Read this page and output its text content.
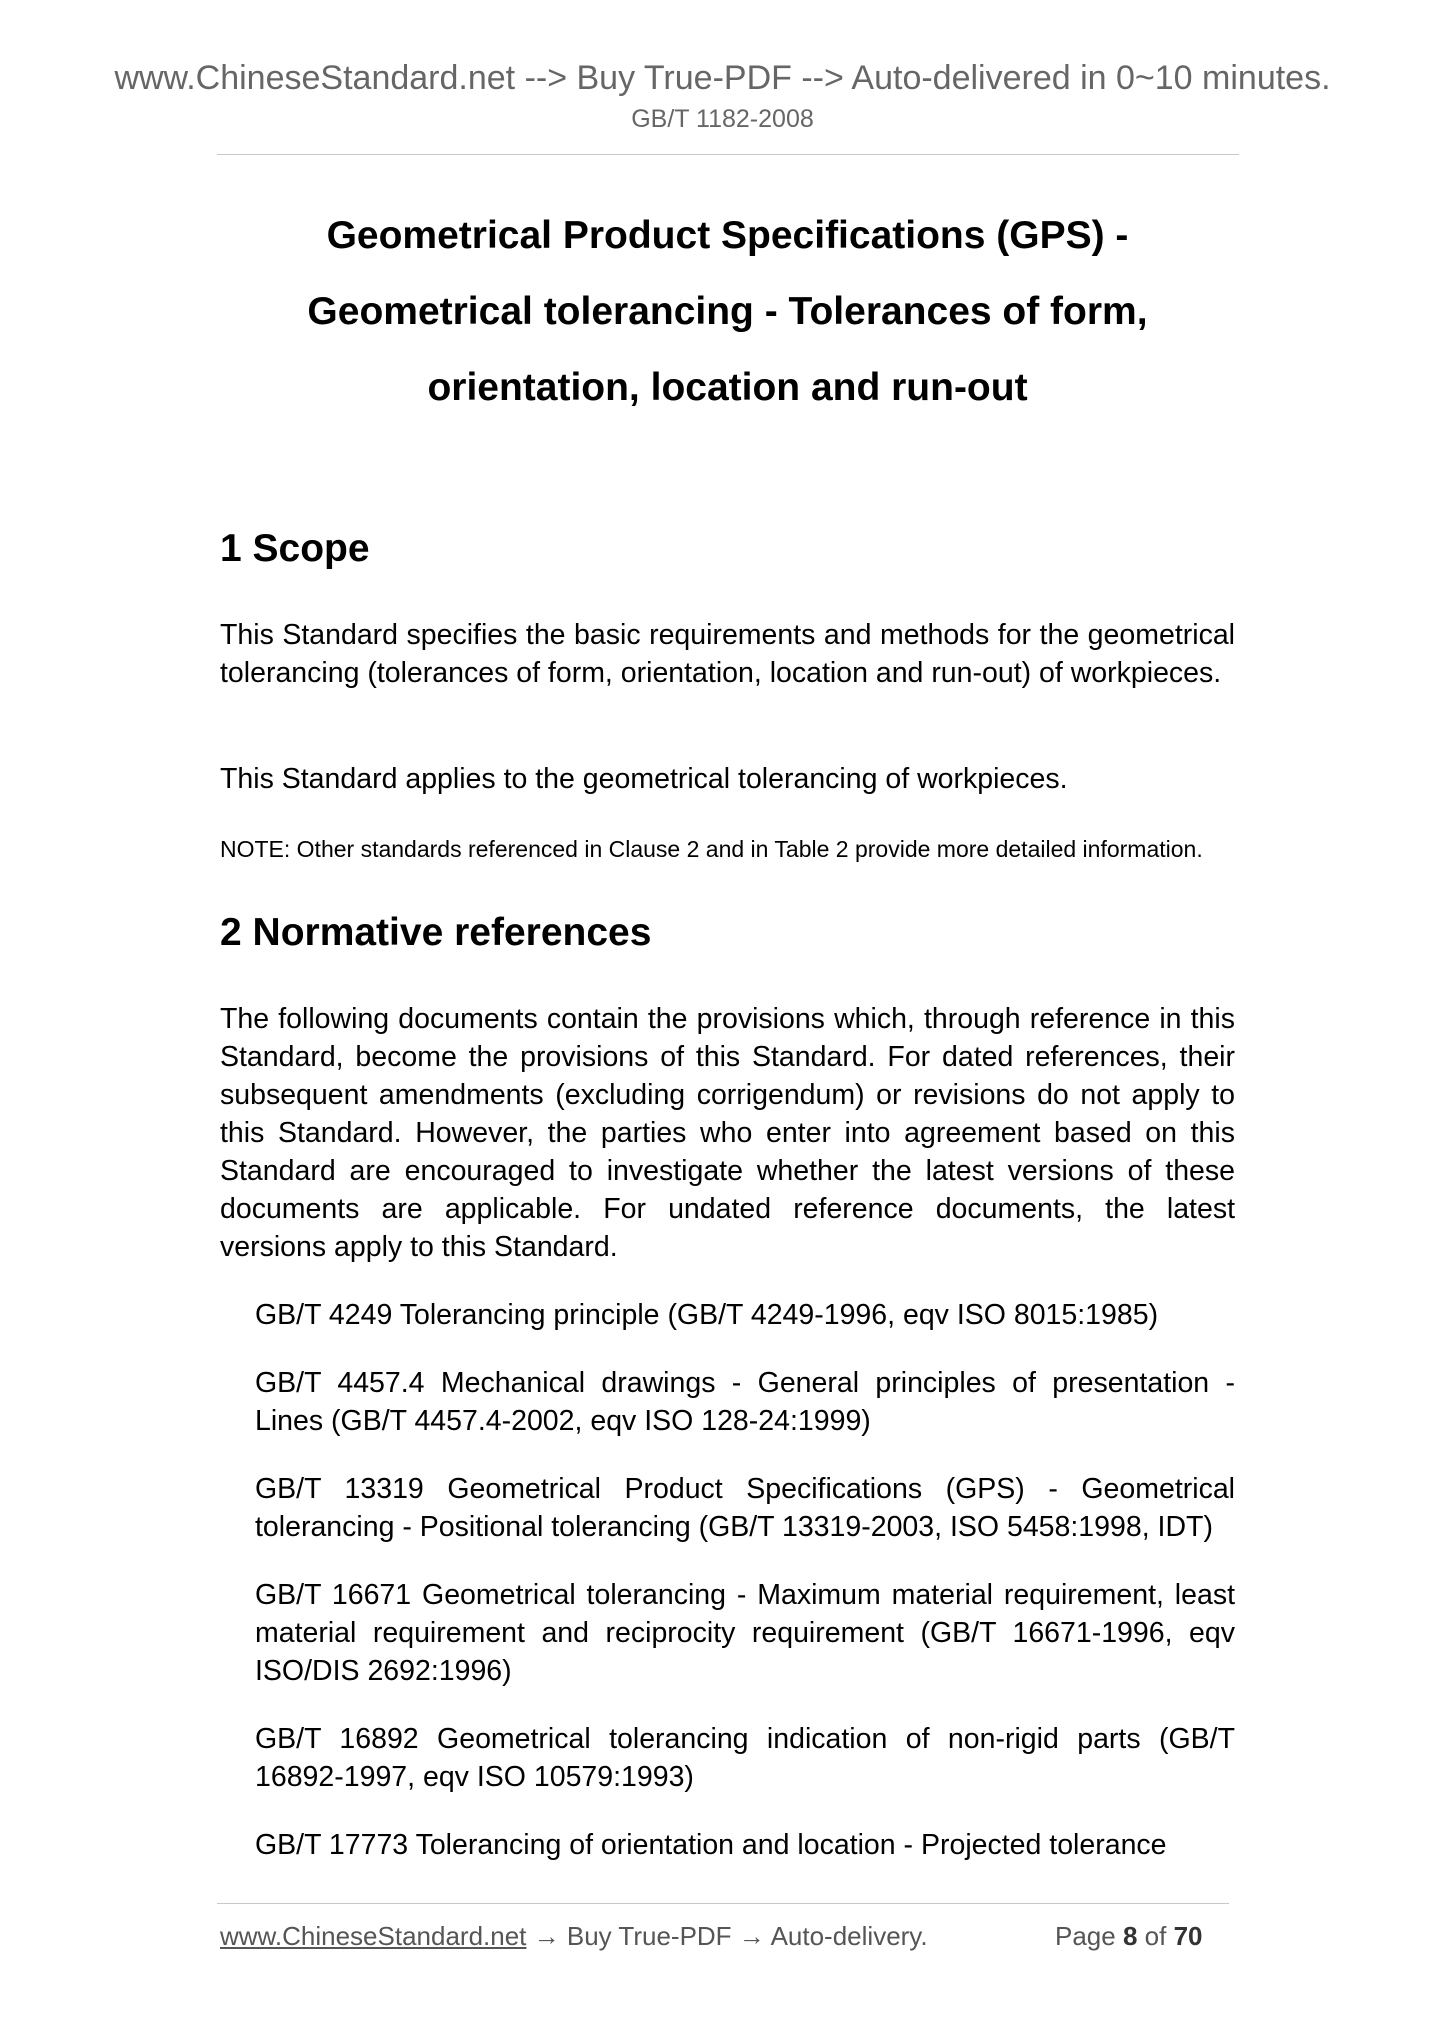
www.ChineseStandard.net --> Buy True-PDF --> Auto-delivered in 0~10 minutes.
GB/T 1182-2008
Geometrical Product Specifications (GPS) -
Geometrical tolerancing - Tolerances of form,
orientation, location and run-out
1 Scope

This Standard specifies the basic requirements and methods for the geometrical tolerancing (tolerances of form, orientation, location and run-out) of workpieces.

This Standard applies to the geometrical tolerancing of workpieces.

NOTE: Other standards referenced in Clause 2 and in Table 2 provide more detailed information.

2 Normative references

The following documents contain the provisions which, through reference in this Standard, become the provisions of this Standard. For dated references, their subsequent amendments (excluding corrigendum) or revisions do not apply to this Standard. However, the parties who enter into agreement based on this Standard are encouraged to investigate whether the latest versions of these documents are applicable. For undated reference documents, the latest versions apply to this Standard.

GB/T 4249 Tolerancing principle (GB/T 4249-1996, eqv ISO 8015:1985)

GB/T 4457.4 Mechanical drawings - General principles of presentation - Lines (GB/T 4457.4-2002, eqv ISO 128-24:1999)

GB/T 13319 Geometrical Product Specifications (GPS) - Geometrical tolerancing - Positional tolerancing (GB/T 13319-2003, ISO 5458:1998, IDT)

GB/T 16671 Geometrical tolerancing - Maximum material requirement, least material requirement and reciprocity requirement (GB/T 16671-1996, eqv ISO/DIS 2692:1996)

GB/T 16892 Geometrical tolerancing indication of non-rigid parts (GB/T 16892-1997, eqv ISO 10579:1993)

GB/T 17773 Tolerancing of orientation and location - Projected tolerance

www.ChineseStandard.net → Buy True-PDF → Auto-delivery.	Page 8 of 70
